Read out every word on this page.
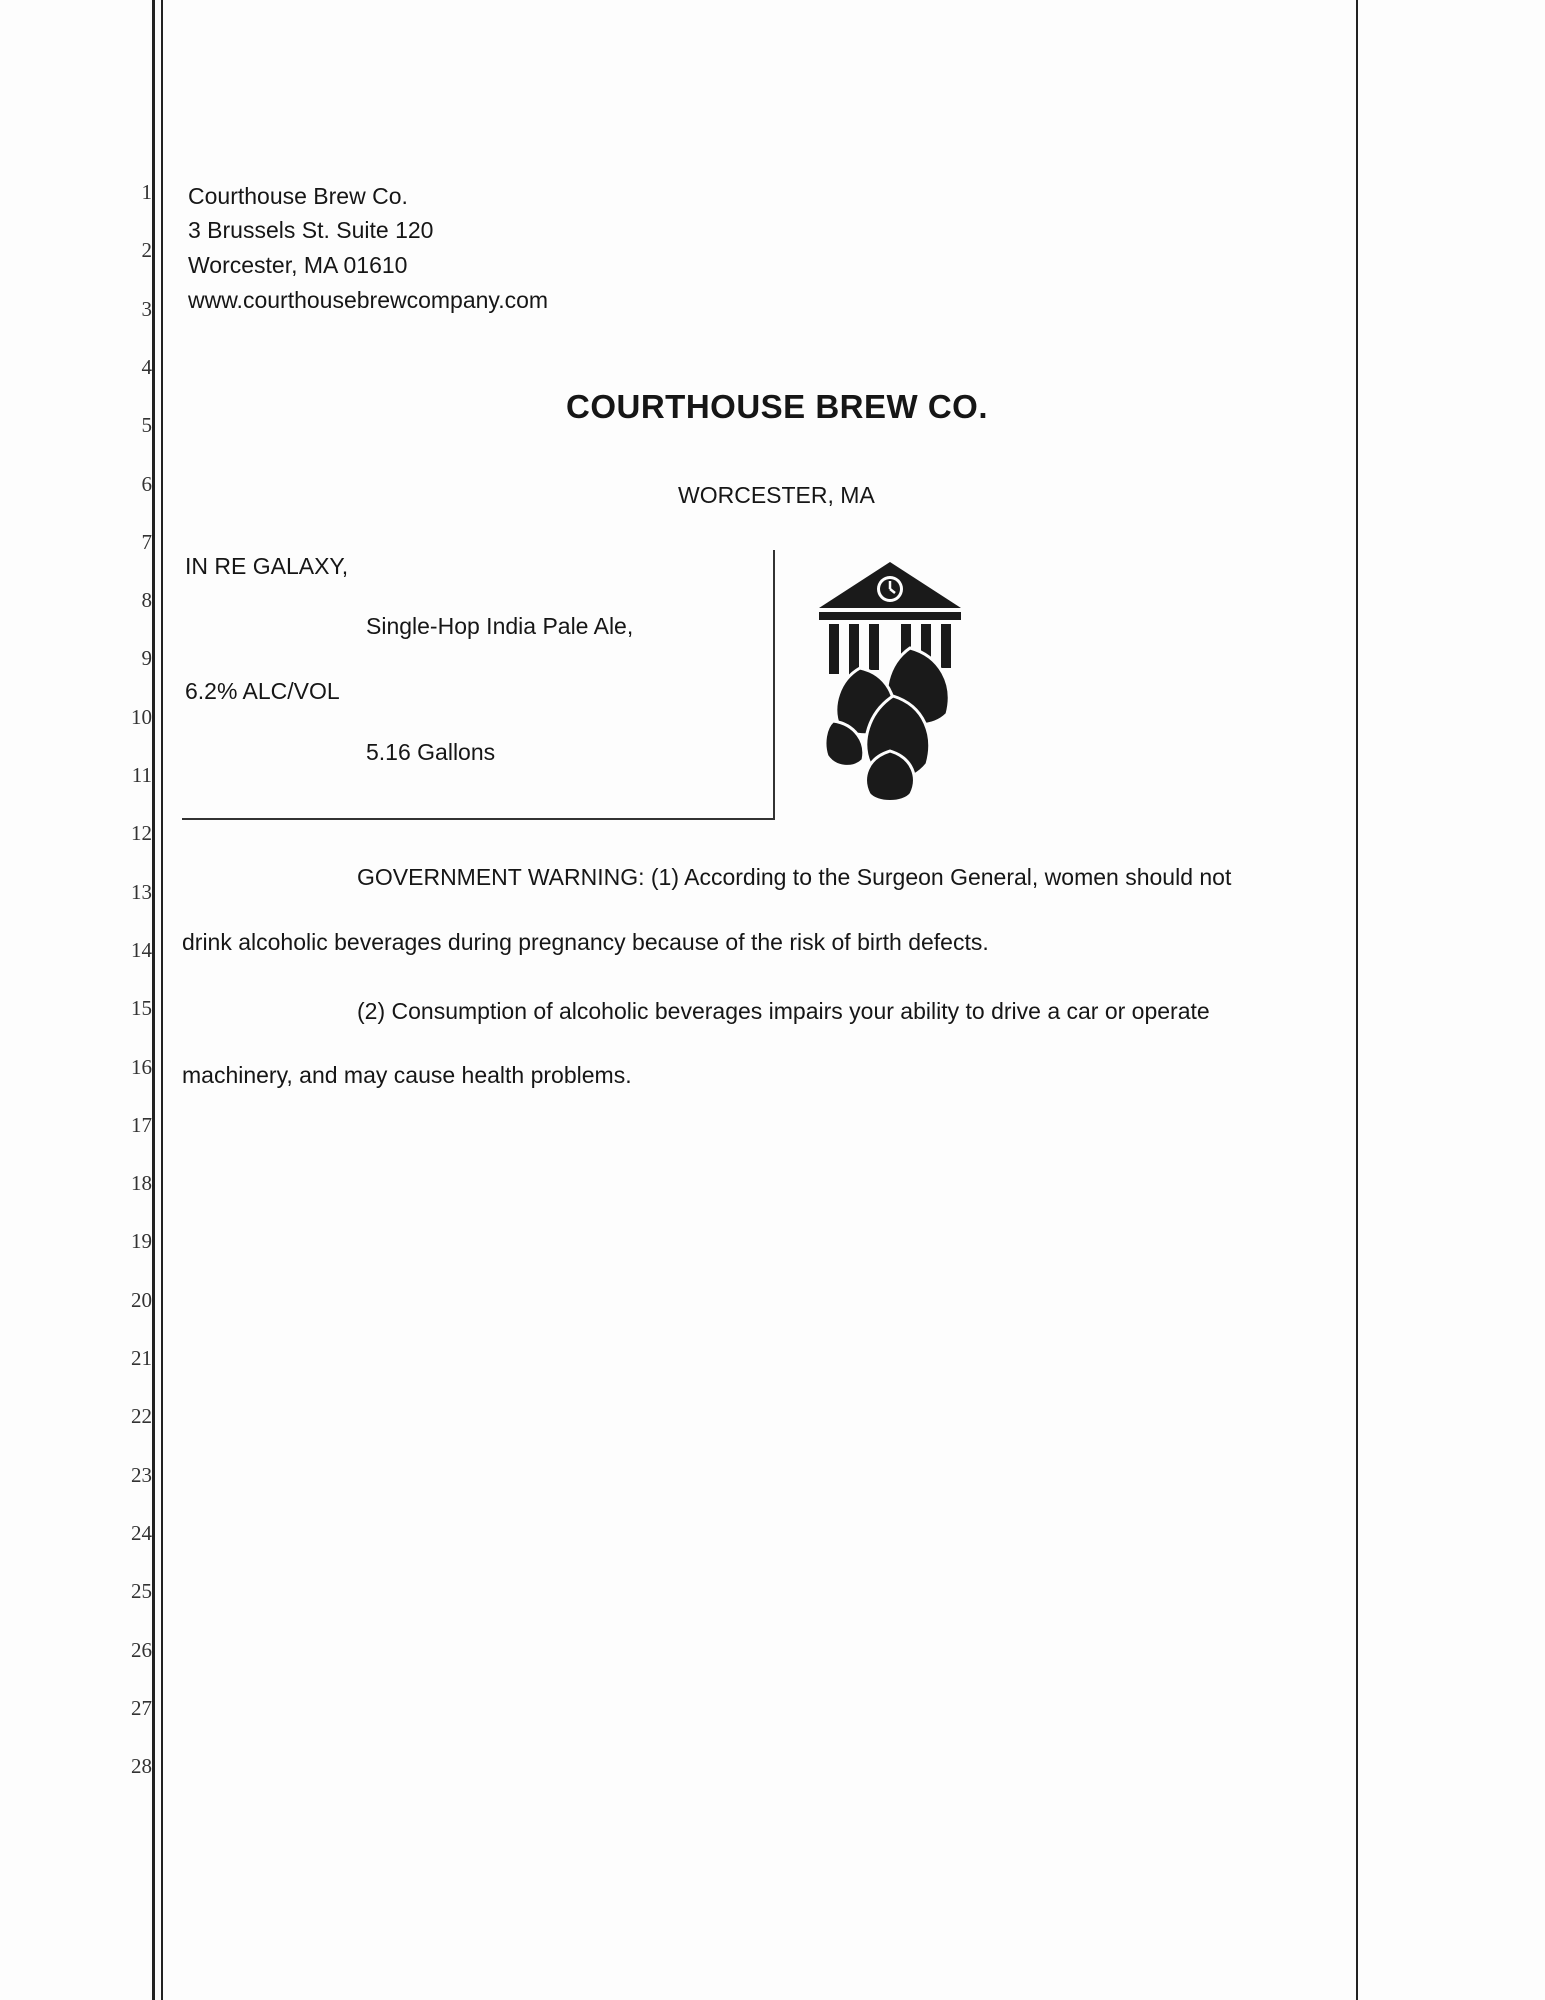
1
2
3
4
5
6
7
8
9
10
11
12
13
14
15
16
17
18
19
20
21
22
23
24
25
26
27
28
Courthouse Brew Co.
3 Brussels St. Suite 120
Worcester, MA 01610
www.courthousebrewcompany.com
COURTHOUSE BREW CO.
WORCESTER, MA
IN RE GALAXY,
Single-Hop India Pale Ale,
6.2% ALC/VOL
5.16 Gallons
GOVERNMENT WARNING: (1) According to the Surgeon General, women should not
drink alcoholic beverages during pregnancy because of the risk of birth defects.
(2) Consumption of alcoholic beverages impairs your ability to drive a car or operate
machinery, and may cause health problems.
